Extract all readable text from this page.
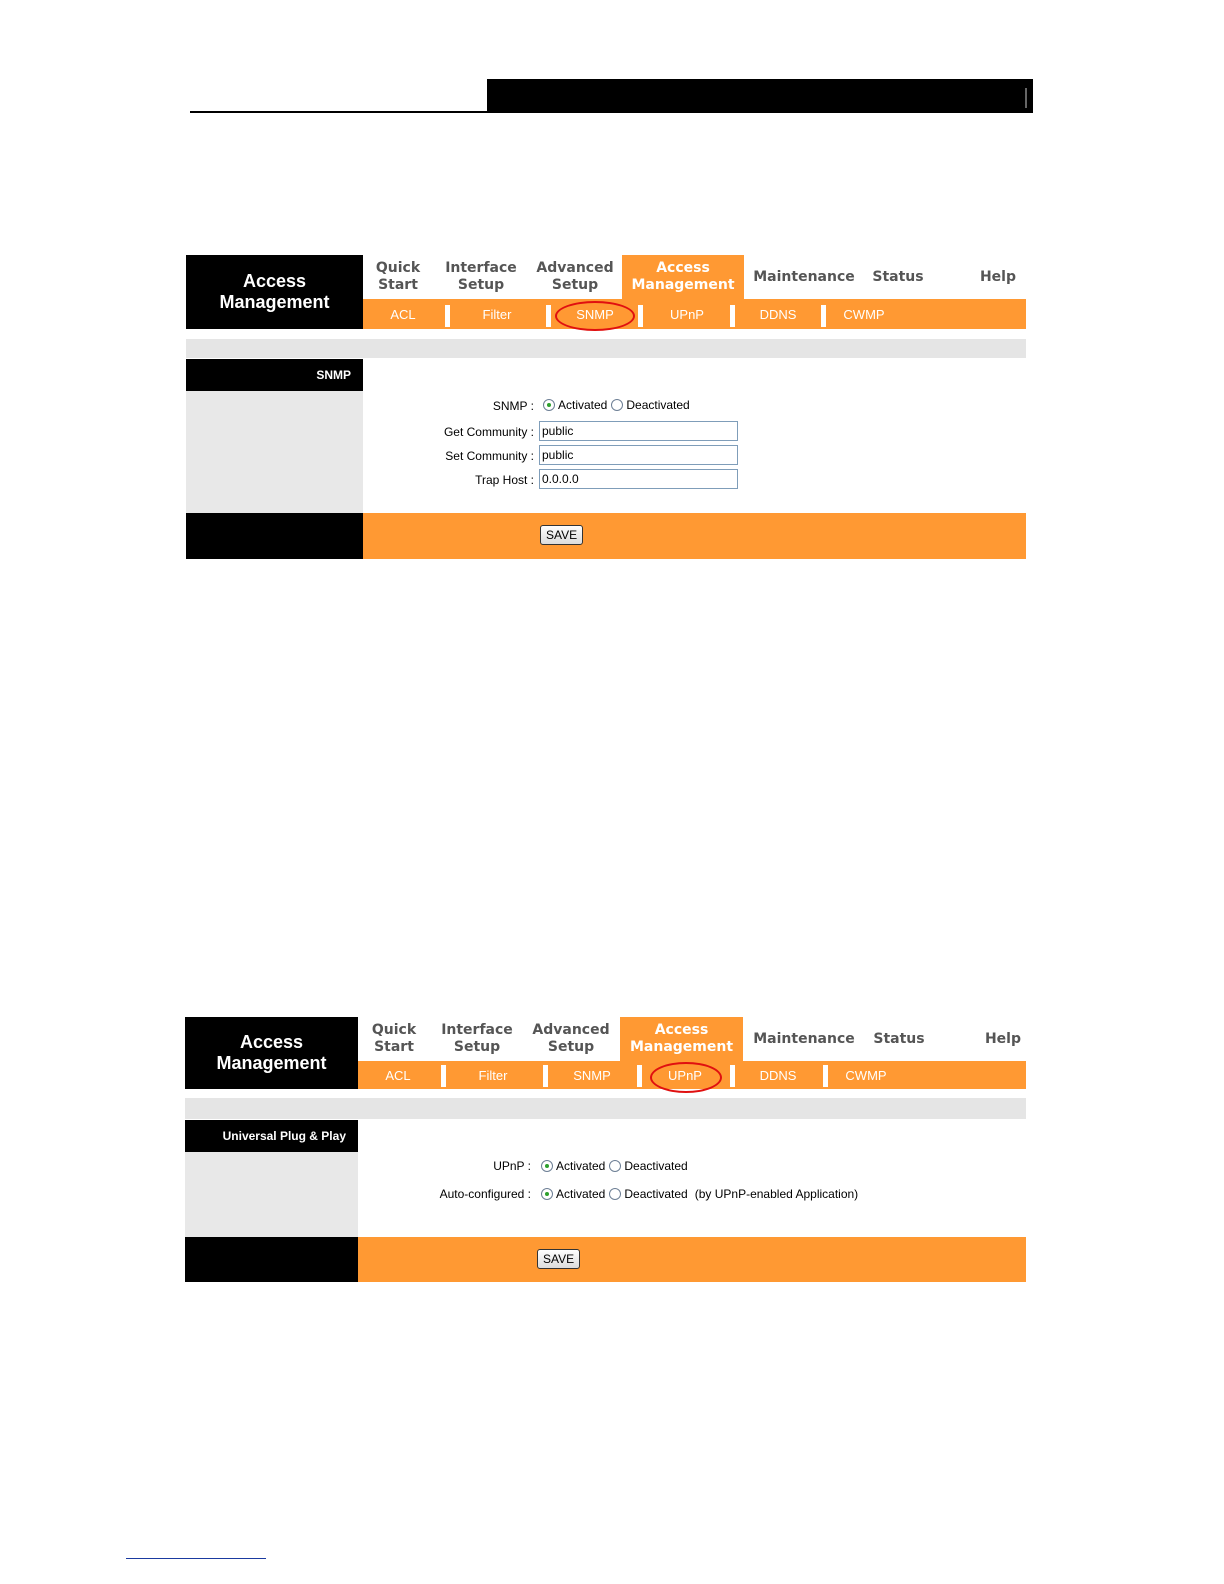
Access
Management
Quick
Start
Interface
Setup
Advanced
Setup
Access
Management
Maintenance Status	Help
ACL	Filter	SNMP	UPnP	DDNS	CWMP
SNMP
SNMP : Activated Deactivated
Get Community : public
Set Community : public
Trap Host : 0.0.0.0
SAVE
Access
Management
Quick
Start
Interface
Setup
Advanced
Setup
Access
Management
Maintenance Status	Help
ACL	Filter	SNMP	UPnP	DDNS	CWMP
Universal Plug & Play
UPnP : Activated Deactivated
Auto-configured : Activated Deactivated (by UPnP-enabled Application)
SAVE
